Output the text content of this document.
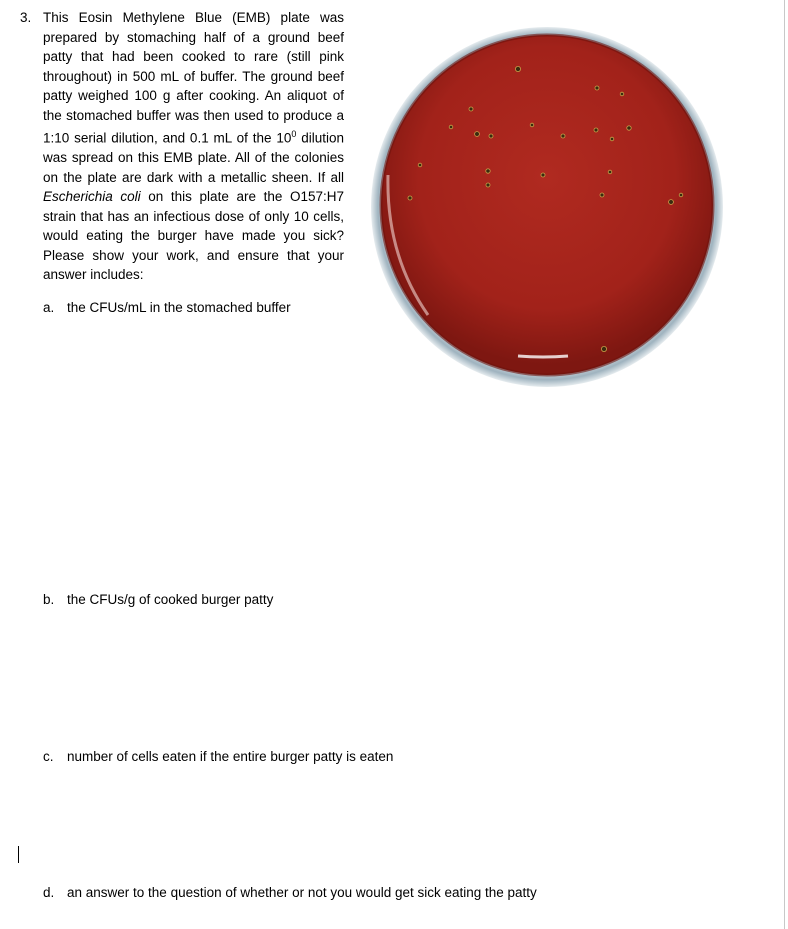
3. This Eosin Methylene Blue (EMB) plate was prepared by stomaching half of a ground beef patty that had been cooked to rare (still pink throughout) in 500 mL of buffer. The ground beef patty weighed 100 g after cooking. An aliquot of the stomached buffer was then used to produce a 1:10 serial dilution, and 0.1 mL of the $10^0$ dilution was spread on this EMB plate. All of the colonies on the plate are dark with a metallic sheen. If all Escherichia coli on this plate are the O157:H7 strain that has an infectious dose of only 10 cells, would eating the burger have made you sick? Please show your work, and ensure that your answer includes:
a. the CFUs/mL in the stomached buffer
b. the CFUs/g of cooked burger patty
c. number of cells eaten if the entire burger patty is eaten
d. an answer to the question of whether or not you would get sick eating the patty
